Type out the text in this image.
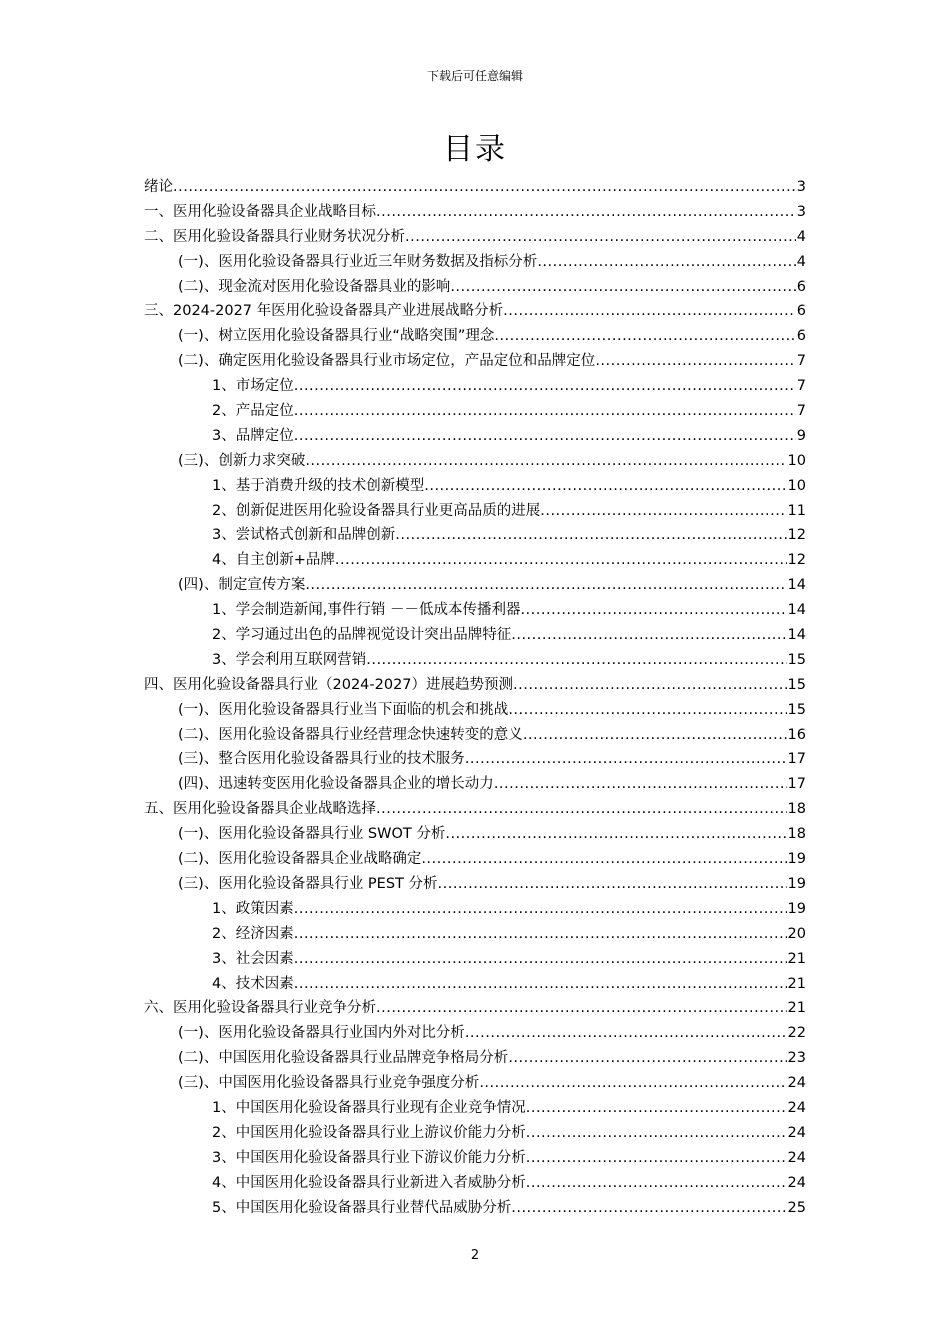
下载后可任意编辑
目录
绪论 .....	3
一、医用化验设备器具企业战略目标 .....	3
二、医用化验设备器具行业财务状况分析 .....	4
(一)、医用化验设备器具行业近三年财务数据及指标分析 .....	4
(二)、现金流对医用化验设备器具业的影响 .....	6
三、2024-2027 年医用化验设备器具产业进展战略分析 .....	6
(一)、树立医用化验设备器具行业“战略突围”理念 .....	6
(二)、确定医用化验设备器具行业市场定位，产品定位和品牌定位 .....	7
1、市场定位 .....	7
2、产品定位 .....	7
3、品牌定位 .....	9
(三)、创新力求突破 .....	10
1、基于消费升级的技术创新模型 .....	10
2、创新促进医用化验设备器具行业更高品质的进展 .....	11
3、尝试格式创新和品牌创新 .....	12
4、自主创新+品牌 .....	12
(四)、制定宣传方案 .....	14
1、学会制造新闻,事件行销 －－低成本传播利器 .....	14
2、学习通过出色的品牌视觉设计突出品牌特征 .....	14
3、学会利用互联网营销 .....	15
四、医用化验设备器具行业（2024-2027）进展趋势预测 .....	15
(一)、医用化验设备器具行业当下面临的机会和挑战 .....	15
(二)、医用化验设备器具行业经营理念快速转变的意义 .....	16
(三)、整合医用化验设备器具行业的技术服务 .....	17
(四)、迅速转变医用化验设备器具企业的增长动力 .....	17
五、医用化验设备器具企业战略选择 .....	18
(一)、医用化验设备器具行业 SWOT 分析 .....	18
(二)、医用化验设备器具企业战略确定 .....	19
(三)、医用化验设备器具行业 PEST 分析 .....	19
1、政策因素 .....	19
2、经济因素 .....	20
3、社会因素 .....	21
4、技术因素 .....	21
六、医用化验设备器具行业竞争分析 .....	21
(一)、医用化验设备器具行业国内外对比分析 .....	22
(二)、中国医用化验设备器具行业品牌竞争格局分析 .....	23
(三)、中国医用化验设备器具行业竞争强度分析 .....	24
1、中国医用化验设备器具行业现有企业竞争情况 .....	24
2、中国医用化验设备器具行业上游议价能力分析 .....	24
3、中国医用化验设备器具行业下游议价能力分析 .....	24
4、中国医用化验设备器具行业新进入者威胁分析 .....	24
5、中国医用化验设备器具行业替代品威胁分析 .....	25
2
